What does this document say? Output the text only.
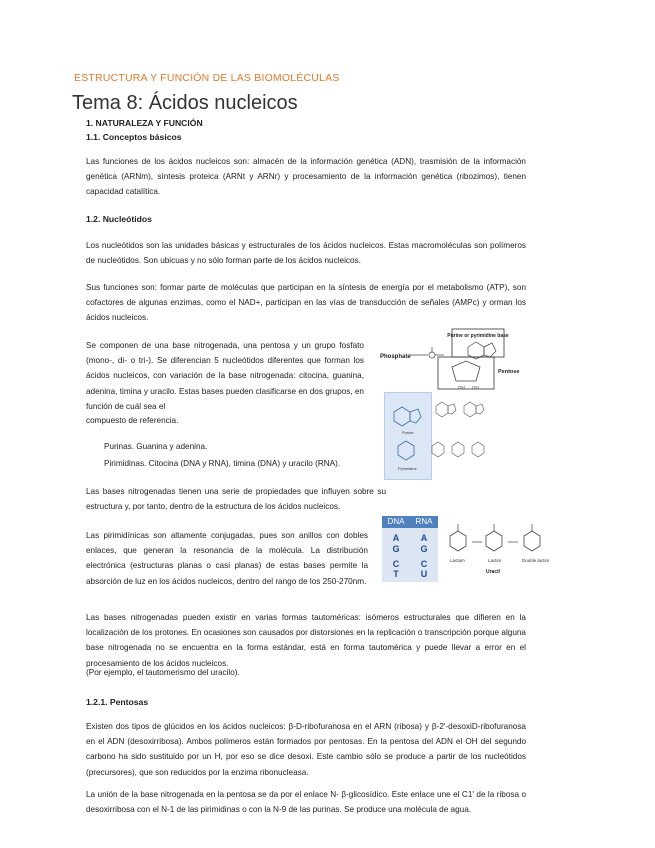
ESTRUCTURA Y FUNCIÓN DE LAS BIOMOLÉCULAS
Tema 8: Ácidos nucleicos
1. NATURALEZA Y FUNCIÓN
1.1. Conceptos básicos
Las funciones de los ácidos nucleicos son: almacén de la información genética (ADN), trasmisión de la información genética (ARNm), síntesis proteica (ARNt y ARNr) y procesamiento de la información genética (ribozimos), tienen capacidad catalítica.
1.2. Nucleótidos
Los nucleótidos son las unidades básicas y estructurales de los ácidos nucleicos. Estas macromoléculas son polímeros de nucleótidos. Son ubicuas y no sólo forman parte de los ácidos nucleicos.
Sus funciones son: formar parte de moléculas que participan en la síntesis de energía por el metabolismo (ATP), son cofactores de algunas enzimas, como el NAD+, participan en las vías de transducción de señales (AMPc) y orman los ácidos nucleicos.
Se componen de una base nitrogenada, una pentosa y un grupo fosfato (mono-, di- o tri-). Se diferencian 5 nucleótidos diferentes que forman los ácidos nucleicos, con variación de la base nitrogenada: citocina, guanina, adenina, timina y uracilo. Estas bases pueden clasificarse en dos grupos, en función de cuál sea el
compuesto de referencia.
Purinas. Guanina y adenina.
Pirimidinas. Citocina (DNA y RNA), timina (DNA) y uracilo (RNA).
Las bases nitrogenadas tienen una serie de propiedades que influyen sobre su estructura y, por tanto, dentro de la estructura de los ácidos nucleicos.
Las pirimidínicas son altamente conjugadas, pues son anillos con dobles enlaces, que generan la resonancia de la molécula. La distribución electrónica (estructuras planas o casi planas) de estas bases permite la absorción de luz en los ácidos nucleicos, dentro del rango de los 250-270nm.
Las bases nitrogenadas pueden existir en varias formas tautoméricas: isómeros estructurales que difieren en la localización de los protones. En ocasiones son causados por distorsiones en la replicación o transcripción porque alguna base nitrogenada no se encuentra en la forma estándar, está en forma tautomérica y puede llevar a error en el procesamiento de los ácidos nucleicos.
(Por ejemplo, el tautomerismo del uracilo).
1.2.1. Pentosas
Existen dos tipos de glúcidos en los ácidos nucleicos: β-D-ribofuranosa en el ARN (ribosa) y β-2'-desoxiD-ribofuranosa en el ADN (desoxirribosa). Ambos polímeros están formados por pentosas. En la pentosa del ADN el OH del segundo carbono ha sido sustituido por un H, por eso se dice desoxi. Este cambio sólo se produce a partir de los nucleótidos (precursores), que son reducidos por la enzima ribonucleasa.
La unión de la base nitrogenada en la pentosa se da por el enlace N- β-glicosídico. Este enlace une el C1' de la ribosa o desoxirribosa con el N-1 de las pirimidinas o con la N-9 de las purinas. Se produce una molécula de agua.
Phosphate
Purine or pyrimidine base
Pentose
OH OH
Purine
Pyrimidine
DNA	RNA
A	A
G	G
C	C
T	U
Lactam	Lactim
Uracil
Double lactim
